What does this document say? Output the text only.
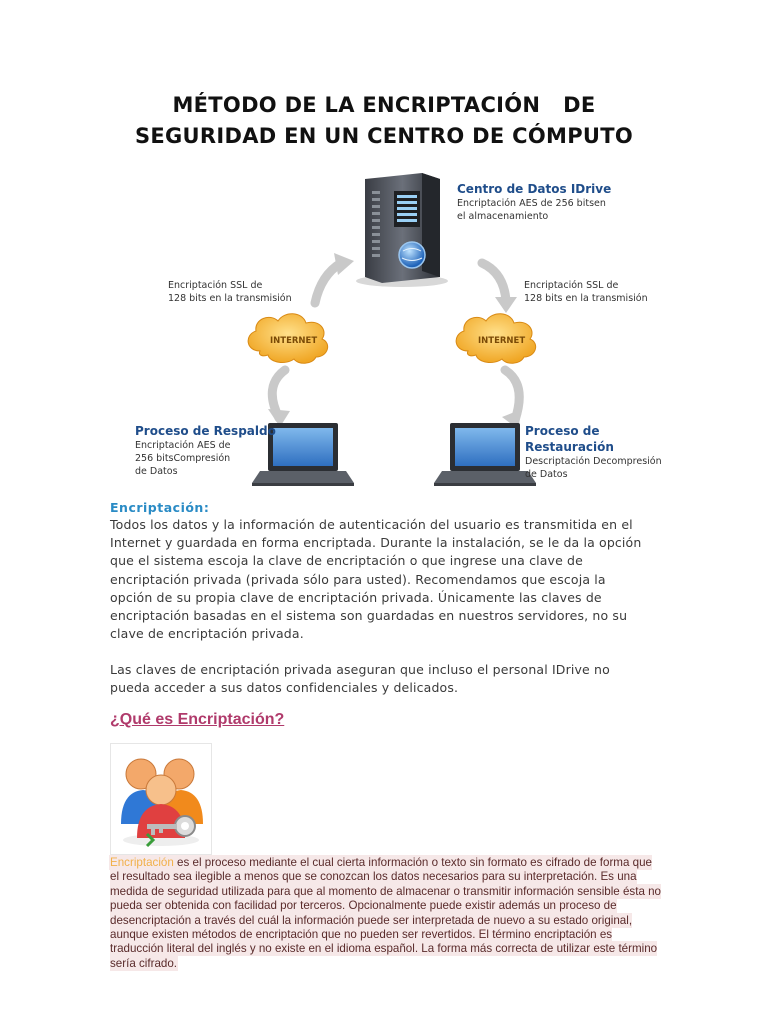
MÉTODO DE LA ENCRIPTACIÓN   DE
SEGURIDAD EN UN CENTRO DE CÓMPUTO
Centro de Datos IDrive
Encriptación AES de 256 bitsen
el almacenamiento
Encriptación SSL de
128 bits en la transmisión
Encriptación SSL de
128 bits en la transmisión
INTERNET	INTERNET
Proceso de Respaldo
Encriptación AES de
256 bitsCompresión
de Datos
Proceso de Restauración
Descriptación Decompresión
de Datos
Encriptación:
Todos los datos y la información de autenticación del usuario es transmitida en el Internet y guardada en forma encriptada. Durante la instalación, se le da la opción que el sistema escoja la clave de encriptación o que ingrese una clave de encriptación privada (privada sólo para usted). Recomendamos que escoja la opción de su propia clave de encriptación privada. Únicamente las claves de encriptación basadas en el sistema son guardadas en nuestros servidores, no su clave de encriptación privada.
Las claves de encriptación privada aseguran que incluso el personal IDrive no pueda acceder a sus datos confidenciales y delicados.
¿Qué es Encriptación?
Encriptación es el proceso mediante el cual cierta información o texto sin formato es cifrado de forma que el resultado sea ilegible a menos que se conozcan los datos necesarios para su interpretación. Es una medida de seguridad utilizada para que al momento de almacenar o transmitir información sensible ésta no pueda ser obtenida con facilidad por terceros. Opcionalmente puede existir además un proceso de desencriptación a través del cuál la información puede ser interpretada de nuevo a su estado original, aunque existen métodos de encriptación que no pueden ser revertidos. El término encriptación es traducción literal del inglés y no existe en el idioma español. La forma más correcta de utilizar este término sería cifrado.
